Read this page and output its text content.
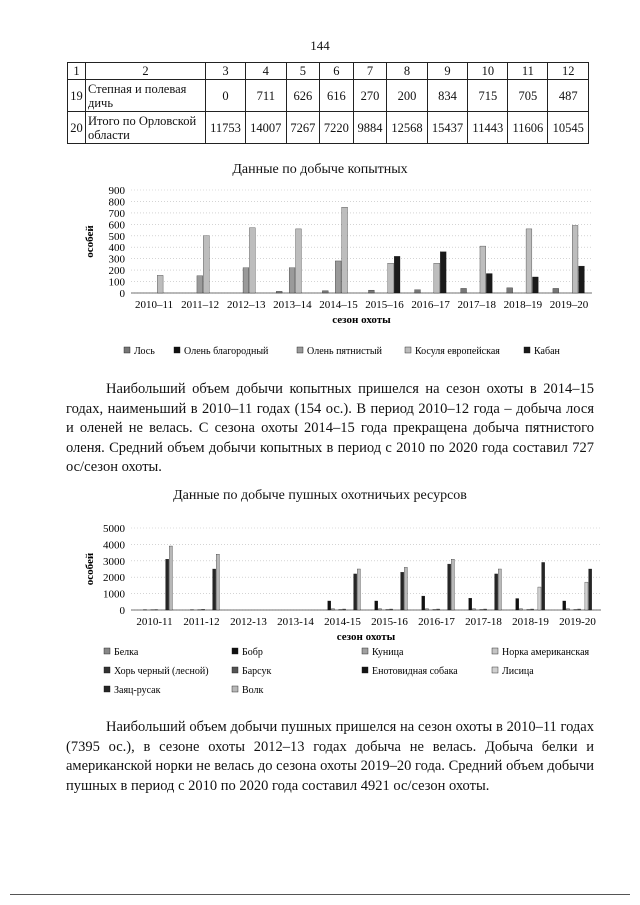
144
1	2	3	4	5	6	7	8	9	10	11	12
19	Степная и полевая дичь	0	711	626	616	270	200	834	715	705	487
20	Итого по Орловской области	11753	14007	7267	7220	9884	12568	15437	11443	11606	10545
Данные по добыче копытных
0
100
200
300
400
500
600
700
800
900
особей
2010–11 2011–12 2012–13 2013–14 2014–15 2015–16 2016–17 2017–18 2018–19 2019–20
сезон охоты
Лось	Олень благородный	Олень пятнистый	Косуля европейская	Кабан
Наибольший объем добычи копытных пришелся на сезон охоты в 2014–15 годах, наименьший в 2010–11 годах (154 ос.). В период 2010–12 года – добыча лося и оленей не велась. С сезона охоты 2014–15 года прекращена добыча пятнистого оленя. Средний объем добычи копытных в период с 2010 по 2020 года составил 727 ос/сезон охоты.
Данные по добыче пушных охотничьих ресурсов
0
1000
2000
3000
4000
5000
особей
2010-11 2011-12 2012-13 2013-14 2014-15 2015-16 2016-17 2017-18 2018-19 2019-20
сезон охоты
Белка	Бобр	Куница	Норка американская
Хорь черный (лесной)	Барсук	Енотовидная собака	Лисица
Заяц-русак	Волк
Наибольший объем добычи пушных пришелся на сезон охоты в 2010–11 годах (7395 ос.), в сезоне охоты 2012–13 годах добыча не велась. Добыча белки и американской норки не велась до сезона охоты 2019–20 года. Средний объем добычи пушных в период с 2010 по 2020 года составил 4921 ос/сезон охоты.
